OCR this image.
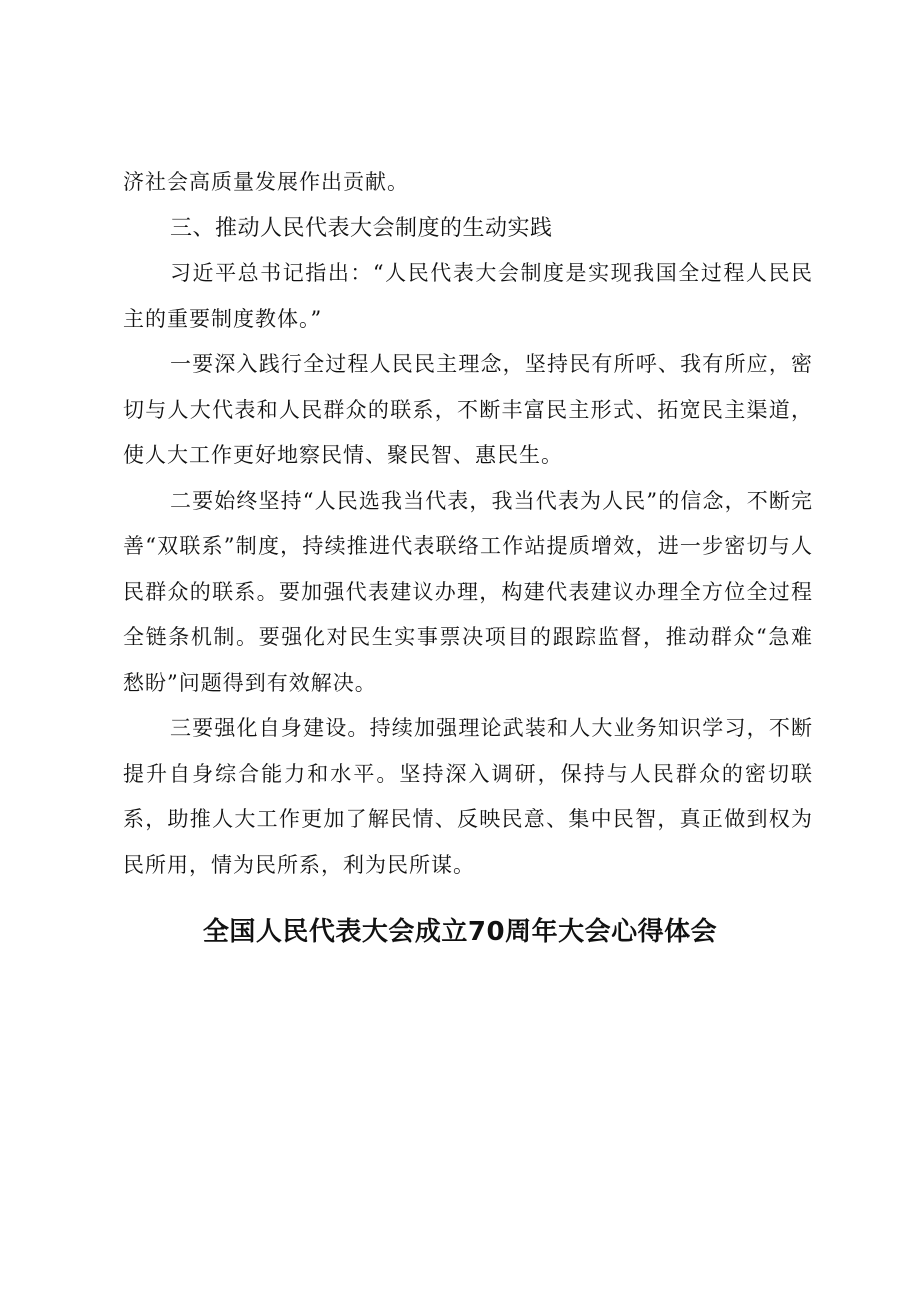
济社会高质量发展作出贡献。

三、推动人民代表大会制度的生动实践

习近平总书记指出：“人民代表大会制度是实现我国全过程人民民主的重要制度教体。”

一要深入践行全过程人民民主理念，坚持民有所呼、我有所应，密切与人大代表和人民群众的联系，不断丰富民主形式、拓宽民主渠道，使人大工作更好地察民情、聚民智、惠民生。

二要始终坚持“人民选我当代表，我当代表为人民”的信念，不断完善“双联系”制度，持续推进代表联络工作站提质增效，进一步密切与人民群众的联系。要加强代表建议办理，构建代表建议办理全方位全过程全链条机制。要强化对民生实事票决项目的跟踪监督，推动群众“急难愁盼”问题得到有效解决。

三要强化自身建设。持续加强理论武装和人大业务知识学习，不断提升自身综合能力和水平。坚持深入调研，保持与人民群众的密切联系，助推人大工作更加了解民情、反映民意、集中民智，真正做到权为民所用，情为民所系，利为民所谋。

全国人民代表大会成立70周年大会心得体会
